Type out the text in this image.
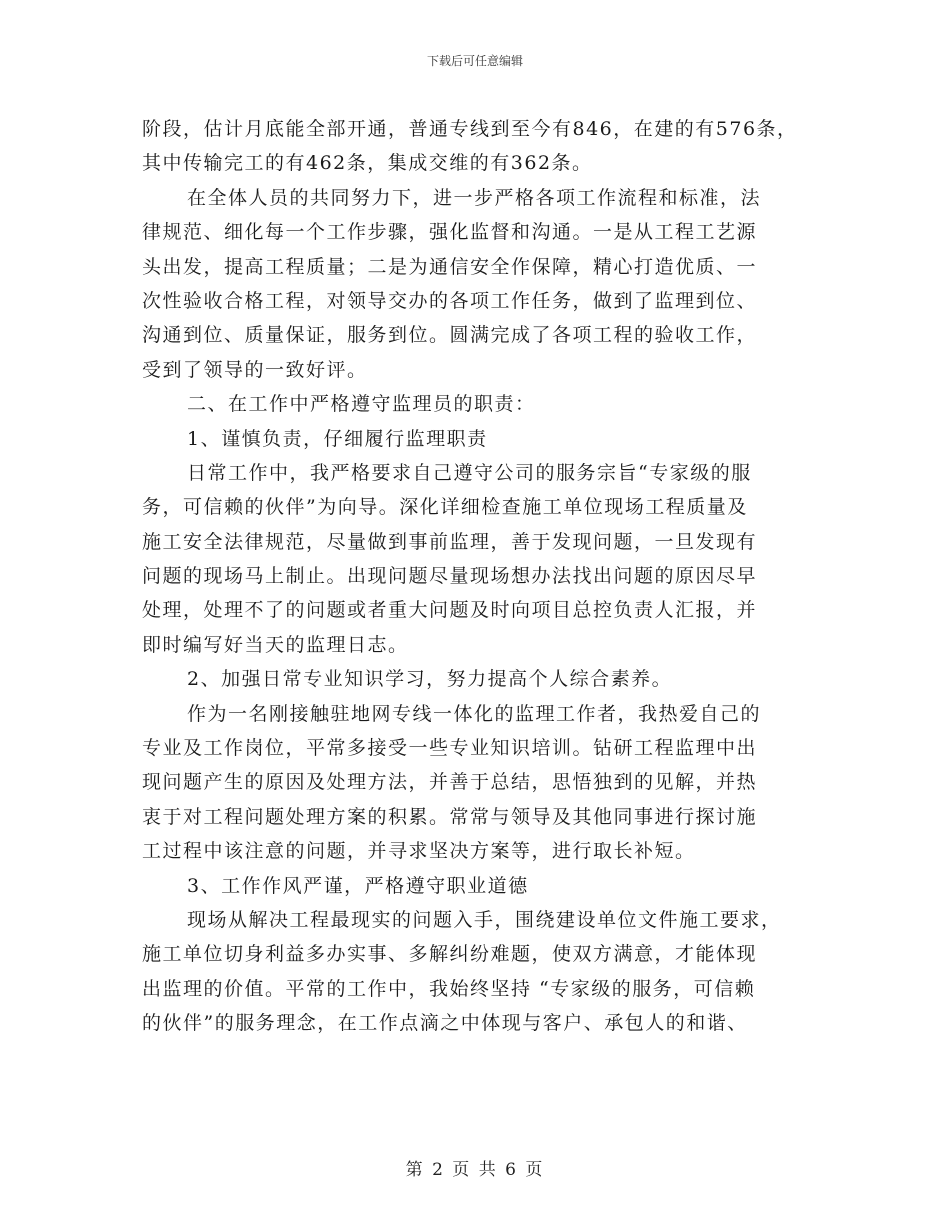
下载后可任意编辑
阶段，估计月底能全部开通，普通专线到至今有846，在建的有576条，
其中传输完工的有462条，集成交维的有362条。
在全体人员的共同努力下，进一步严格各项工作流程和标准，法
律规范、细化每一个工作步骤，强化监督和沟通。一是从工程工艺源
头出发，提高工程质量；二是为通信安全作保障，精心打造优质、一
次性验收合格工程，对领导交办的各项工作任务，做到了监理到位、
沟通到位、质量保证，服务到位。圆满完成了各项工程的验收工作，
受到了领导的一致好评。
二、在工作中严格遵守监理员的职责：
1、谨慎负责，仔细履行监理职责
日常工作中，我严格要求自己遵守公司的服务宗旨“专家级的服
务，可信赖的伙伴”为向导。深化详细检查施工单位现场工程质量及
施工安全法律规范，尽量做到事前监理，善于发现问题，一旦发现有
问题的现场马上制止。出现问题尽量现场想办法找出问题的原因尽早
处理，处理不了的问题或者重大问题及时向项目总控负责人汇报，并
即时编写好当天的监理日志。
2、加强日常专业知识学习，努力提高个人综合素养。
作为一名刚接触驻地网专线一体化的监理工作者，我热爱自己的
专业及工作岗位，平常多接受一些专业知识培训。钻研工程监理中出
现问题产生的原因及处理方法，并善于总结，思悟独到的见解，并热
衷于对工程问题处理方案的积累。常常与领导及其他同事进行探讨施
工过程中该注意的问题，并寻求坚决方案等，进行取长补短。
3、工作作风严谨，严格遵守职业道德
现场从解决工程最现实的问题入手，围绕建设单位文件施工要求，
施工单位切身利益多办实事、多解纠纷难题，使双方满意，才能体现
出监理的价值。平常的工作中，我始终坚持 “专家级的服务，可信赖
的伙伴”的服务理念，在工作点滴之中体现与客户、承包人的和谐、
第 2 页 共 6 页
